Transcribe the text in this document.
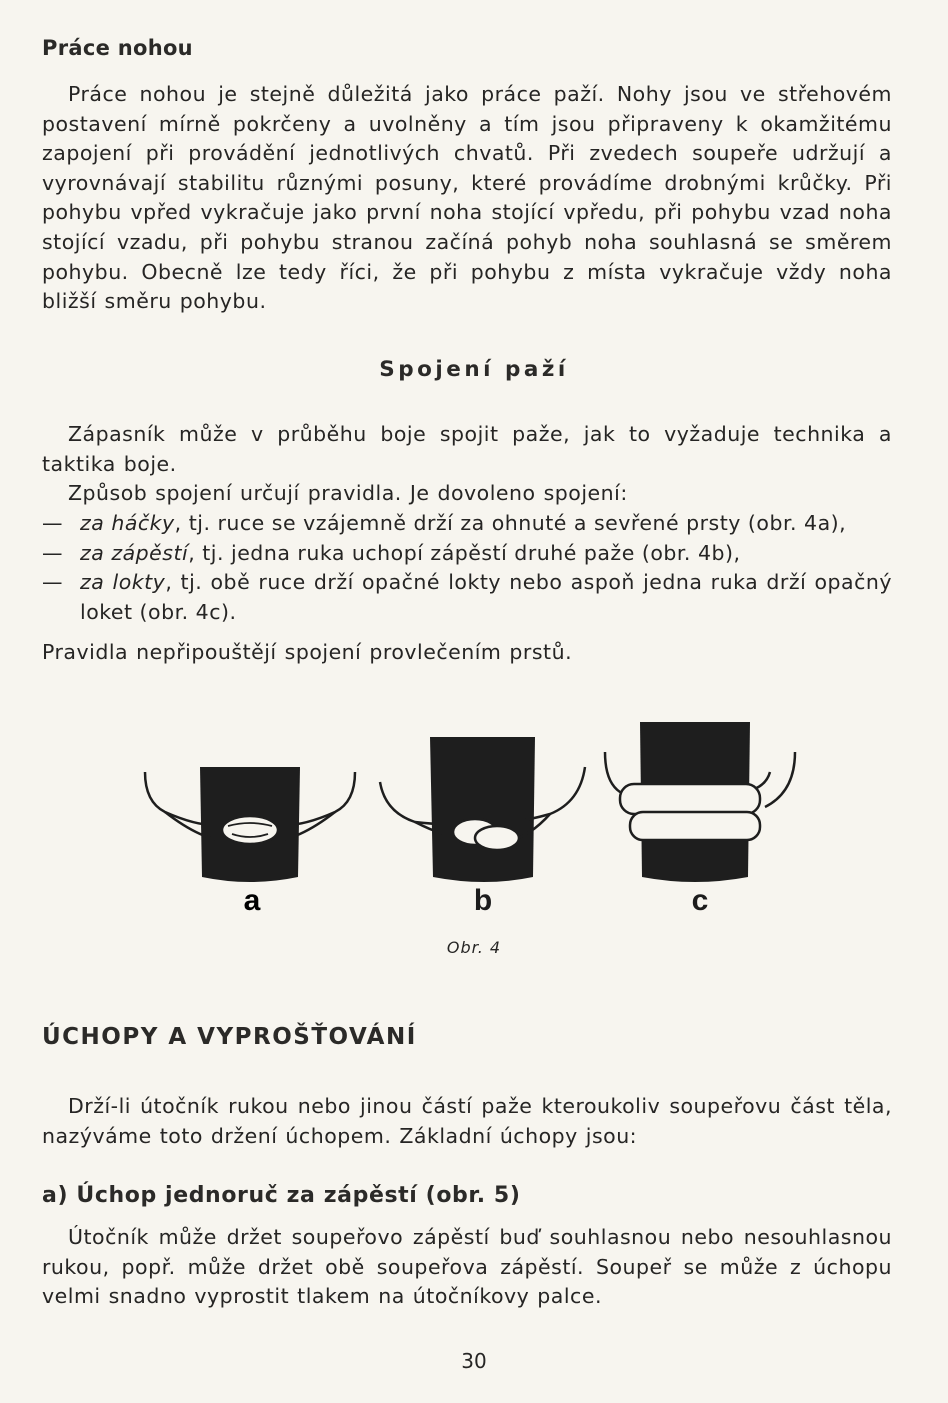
Práce nohou
Práce nohou je stejně důležitá jako práce paží. Nohy jsou ve střehovém postavení mírně pokrčeny a uvolněny a tím jsou připraveny k okamžitému zapojení při provádění jednotlivých chvatů. Při zvedech soupeře udržují a vyrovnávají stabilitu různými posuny, které provádíme drobnými krůčky. Při pohybu vpřed vykračuje jako první noha stojící vpředu, při pohybu vzad noha stojící vzadu, při pohybu stranou začíná pohyb noha souhlasná se směrem pohybu. Obecně lze tedy říci, že při pohybu z místa vykračuje vždy noha bližší směru pohybu.
Spojení paží
Zápasník může v průběhu boje spojit paže, jak to vyžaduje technika a taktika boje.
Způsob spojení určují pravidla. Je dovoleno spojení:
— za háčky, tj. ruce se vzájemně drží za ohnuté a sevřené prsty (obr. 4a),
— za zápěstí, tj. jedna ruka uchopí zápěstí druhé paže (obr. 4b),
— za lokty, tj. obě ruce drží opačné lokty nebo aspoň jedna ruka drží opačný loket (obr. 4c).
Pravidla nepřipouštějí spojení provlečením prstů.
a	b	c
Obr. 4
ÚCHOPY A VYPROŠŤOVÁNÍ
Drží-li útočník rukou nebo jinou částí paže kteroukoliv soupeřovu část těla, nazýváme toto držení úchopem. Základní úchopy jsou:
a) Úchop jednoruč za zápěstí (obr. 5)
Útočník může držet soupeřovo zápěstí buď souhlasnou nebo nesouhlasnou rukou, popř. může držet obě soupeřova zápěstí. Soupeř se může z úchopu velmi snadno vyprostit tlakem na útočníkovy palce.
30
